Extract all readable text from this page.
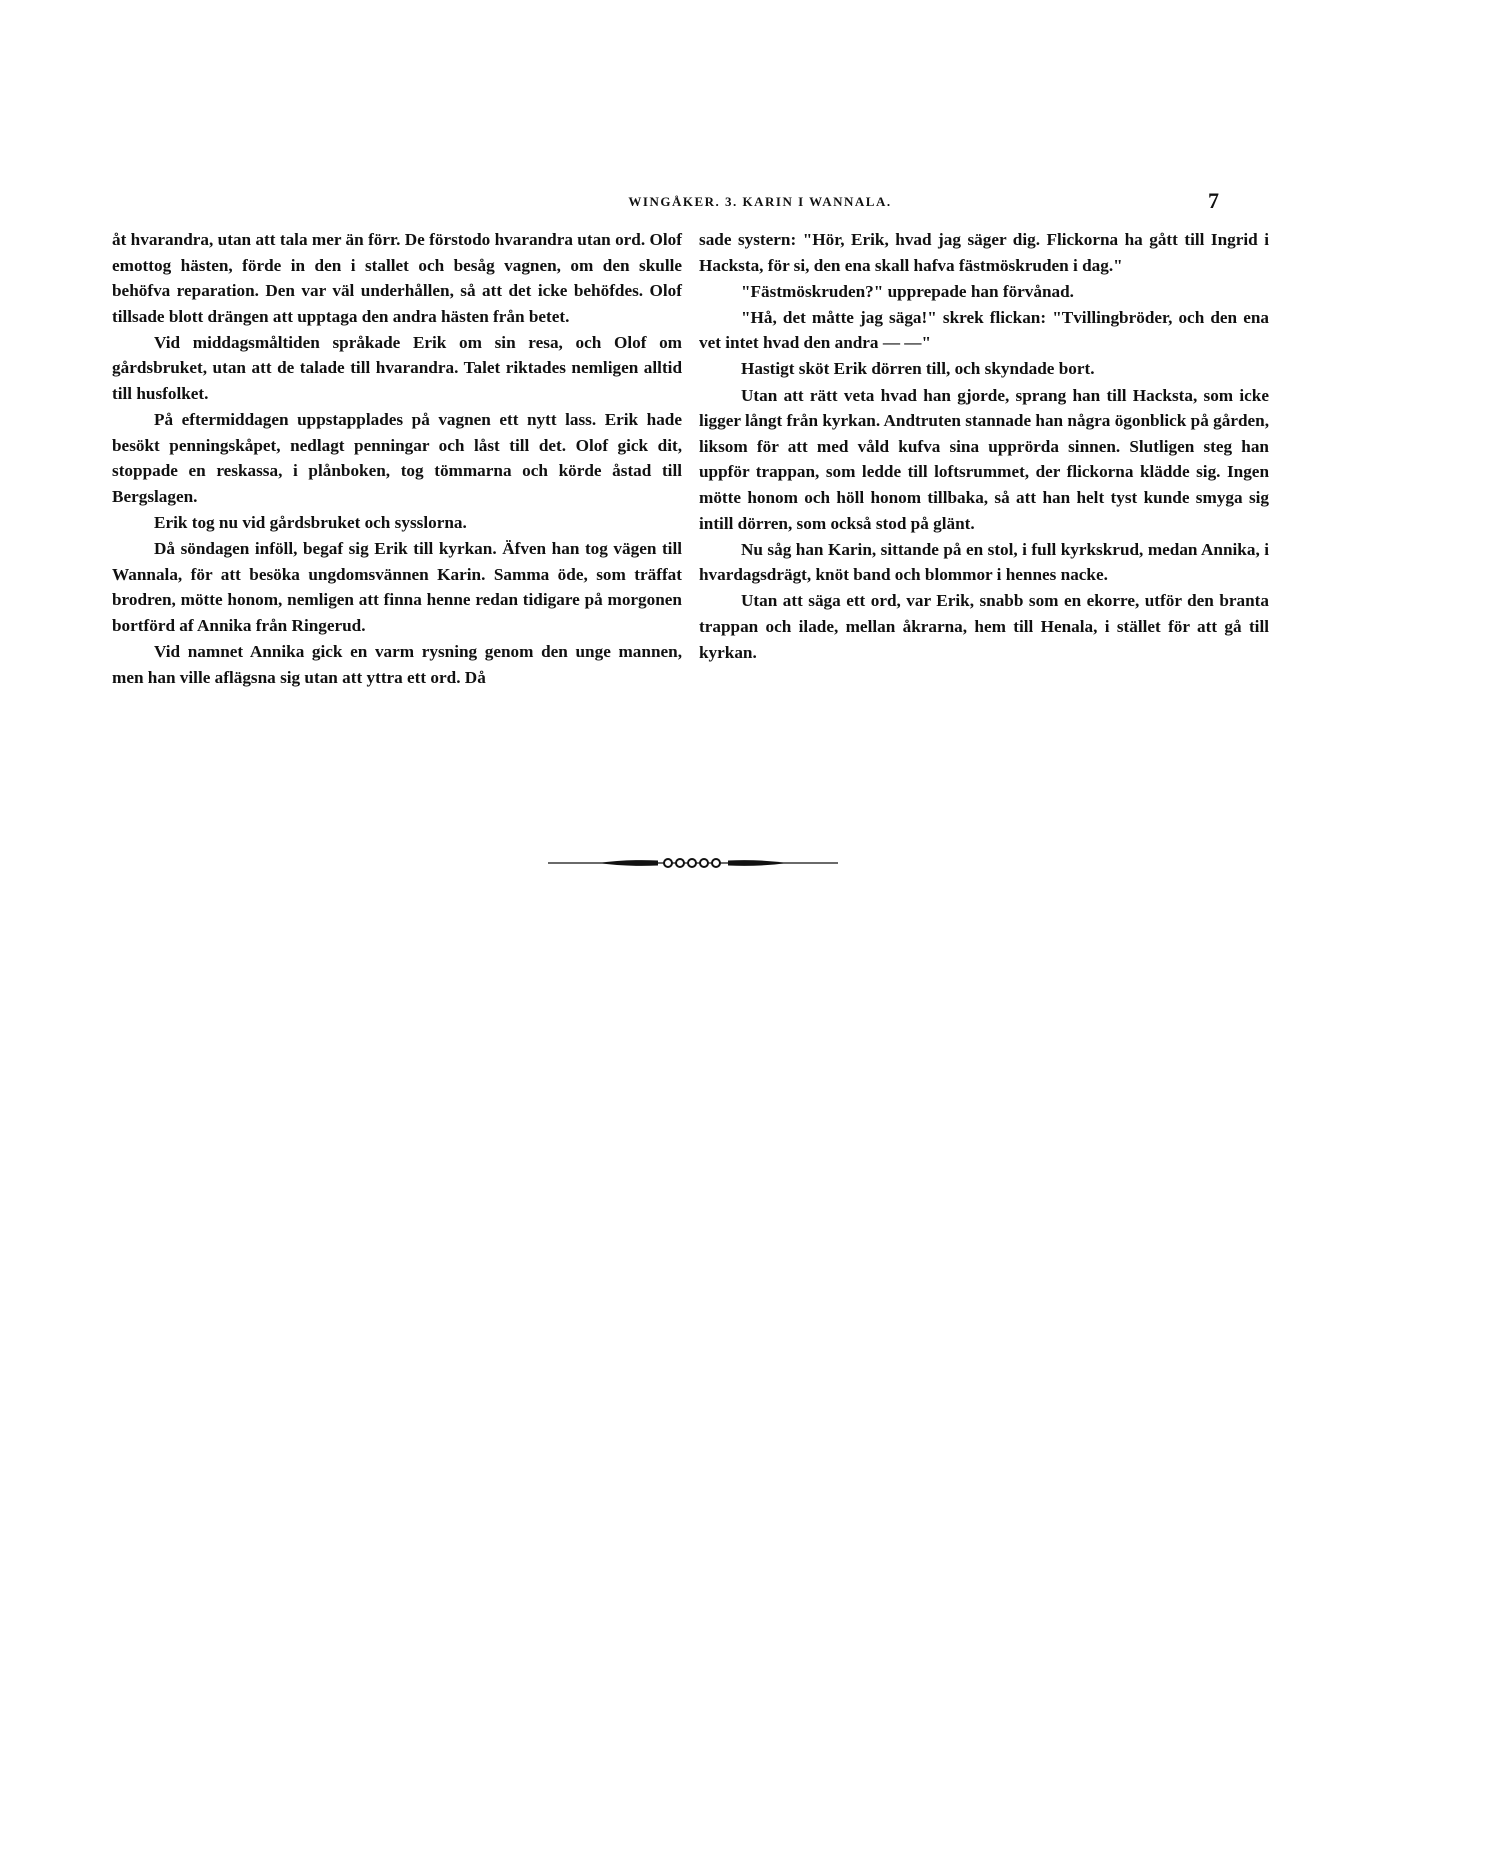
WINGÅKER. 3. KARIN I WANNALA.	7

åt hvarandra, utan att tala mer än förr. De förstodo hvarandra utan ord. Olof emottog hästen, förde in den i stallet och besåg vagnen, om den skulle behöfva reparation. Den var väl underhållen, så att det icke behöfdes. Olof tillsade blott drängen att upptaga den andra hästen från betet.

Vid middagsmåltiden språkade Erik om sin resa, och Olof om gårdsbruket, utan att de talade till hvarandra. Talet riktades nemligen alltid till husfolket.

På eftermiddagen uppstapplades på vagnen ett nytt lass. Erik hade besökt penningskåpet, nedlagt penningar och låst till det. Olof gick dit, stoppade en reskassa, i plånboken, tog tömmarna och körde åstad till Bergslagen.

Erik tog nu vid gårdsbruket och sysslorna.

Då söndagen inföll, begaf sig Erik till kyrkan. Äfven han tog vägen till Wannala, för att besöka ungdomsvännen Karin. Samma öde, som träffat brodren, mötte honom, nemligen att finna henne redan tidigare på morgonen bortförd af Annika från Ringerud.

Vid namnet Annika gick en varm rysning genom den unge mannen, men han ville aflägsna sig utan att yttra ett ord. Då

sade systern: "Hör, Erik, hvad jag säger dig. Flickorna ha gått till Ingrid i Hacksta, för si, den ena skall hafva fästmöskruden i dag."

"Fästmöskruden?" upprepade han förvånad.

"Hå, det måtte jag säga!" skrek flickan: "Tvillingbröder, och den ena vet intet hvad den andra — —"

Hastigt sköt Erik dörren till, och skyndade bort.

Utan att rätt veta hvad han gjorde, sprang han till Hacksta, som icke ligger långt från kyrkan. Andtruten stannade han några ögonblick på gården, liksom för att med våld kufva sina upprörda sinnen. Slutligen steg han uppför trappan, som ledde till loftsrummet, der flickorna klädde sig. Ingen mötte honom och höll honom tillbaka, så att han helt tyst kunde smyga sig intill dörren, som också stod på glänt.

Nu såg han Karin, sittande på en stol, i full kyrkskrud, medan Annika, i hvardagsdrägt, knöt band och blommor i hennes nacke.

Utan att säga ett ord, var Erik, snabb som en ekorre, utför den branta trappan och ilade, mellan åkrarna, hem till Henala, i stället för att gå till kyrkan.
